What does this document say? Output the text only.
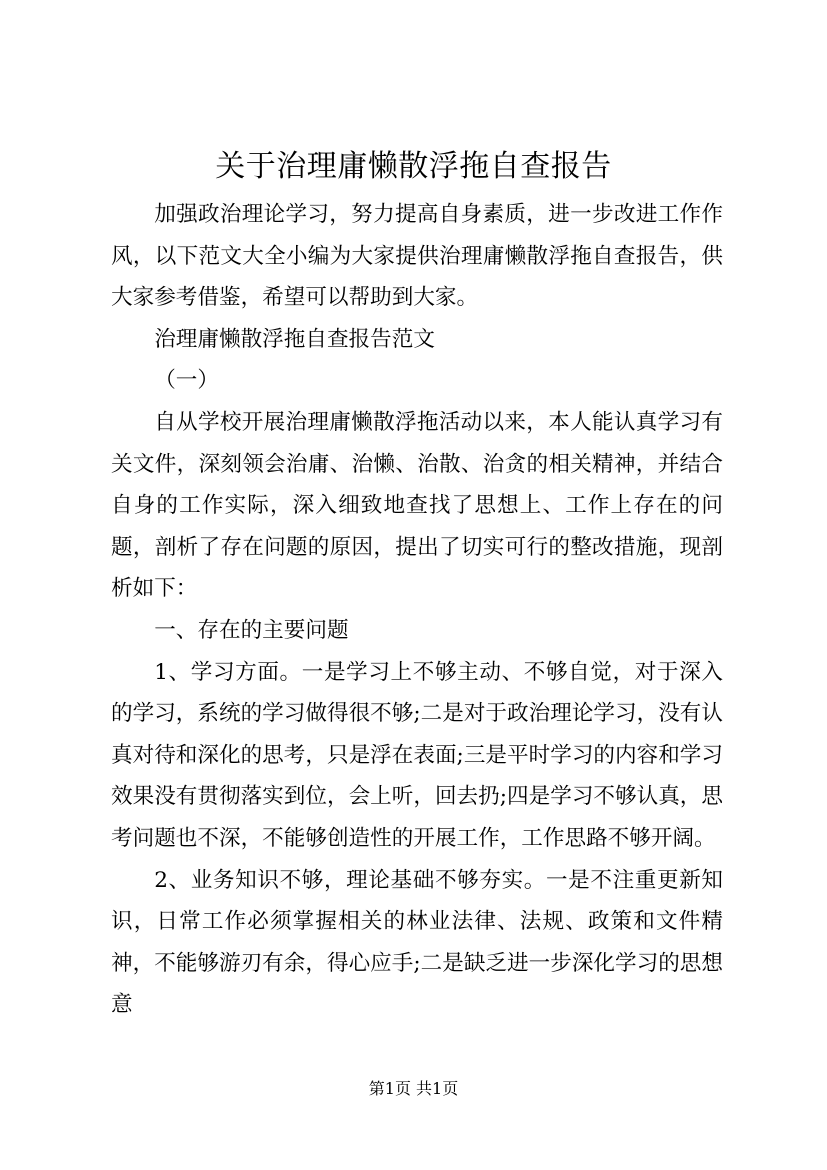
关于治理庸懒散浮拖自查报告

加强政治理论学习，努力提高自身素质，进一步改进工作作风，以下范文大全小编为大家提供治理庸懒散浮拖自查报告，供大家参考借鉴，希望可以帮助到大家。

治理庸懒散浮拖自查报告范文

（一）

自从学校开展治理庸懒散浮拖活动以来，本人能认真学习有关文件，深刻领会治庸、治懒、治散、治贪的相关精神，并结合自身的工作实际，深入细致地查找了思想上、工作上存在的问题，剖析了存在问题的原因，提出了切实可行的整改措施，现剖析如下：

一、存在的主要问题

1、学习方面。一是学习上不够主动、不够自觉，对于深入的学习，系统的学习做得很不够;二是对于政治理论学习，没有认真对待和深化的思考，只是浮在表面;三是平时学习的内容和学习效果没有贯彻落实到位，会上听，回去扔;四是学习不够认真，思考问题也不深，不能够创造性的开展工作，工作思路不够开阔。

2、业务知识不够，理论基础不够夯实。一是不注重更新知识，日常工作必须掌握相关的林业法律、法规、政策和文件精神，不能够游刃有余，得心应手;二是缺乏进一步深化学习的思想意

第1页 共1页
